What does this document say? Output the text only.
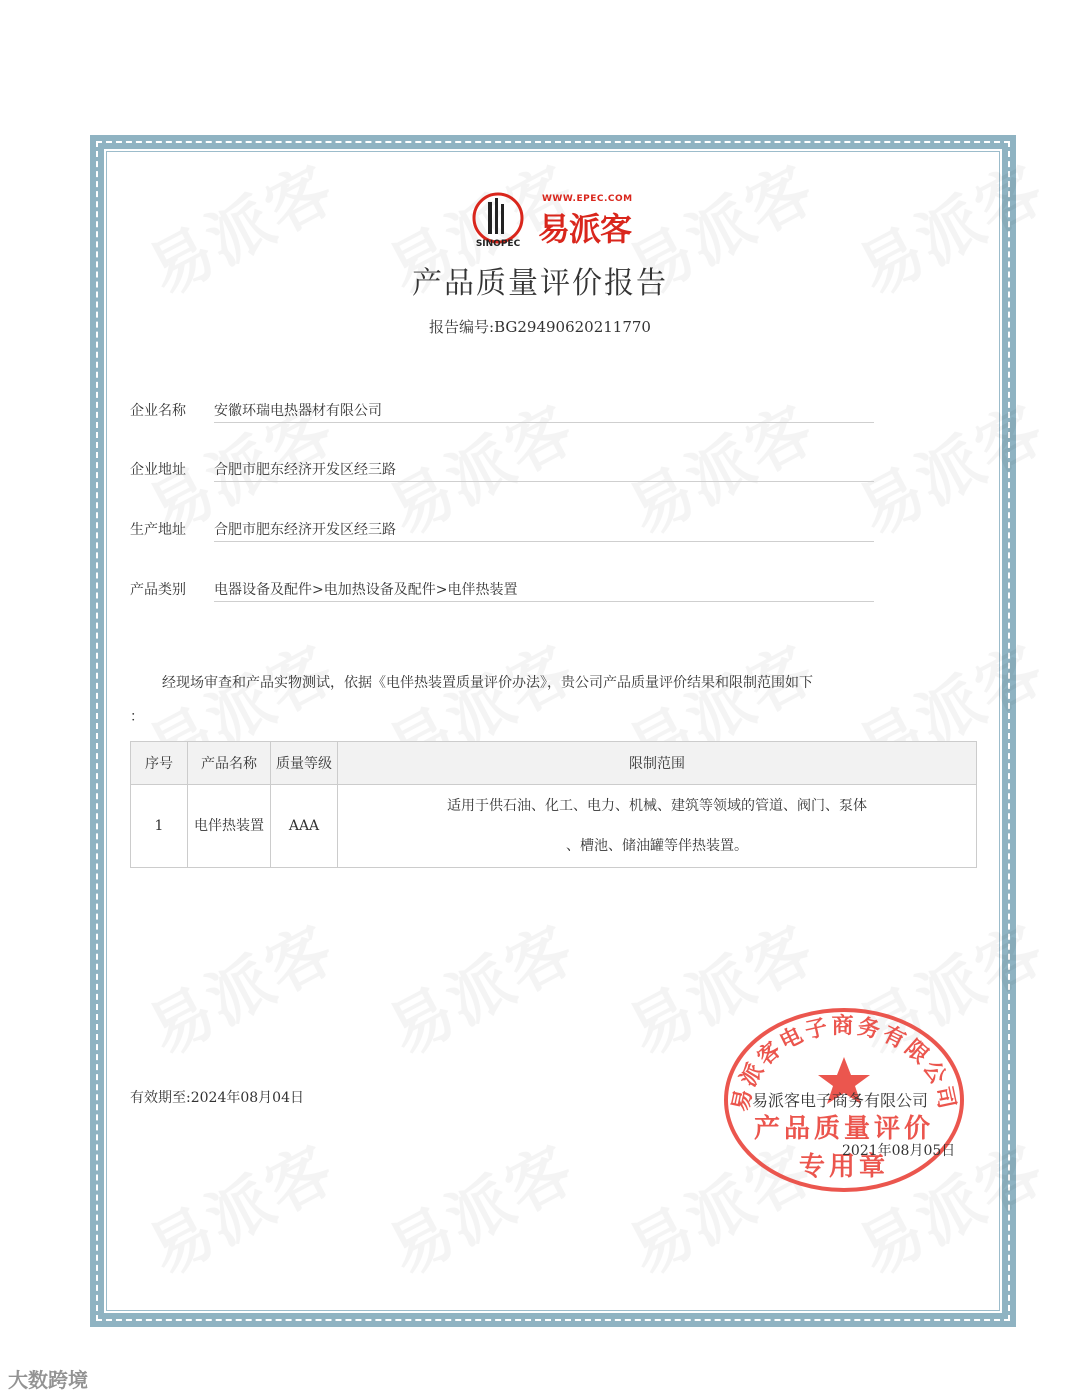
SINOPEC
WWW.EPEC.COM
易派客
产品质量评价报告
报告编号:BG29490620211770
企业名称 安徽环瑞电热器材有限公司
企业地址 合肥市肥东经济开发区经三路
生产地址 合肥市肥东经济开发区经三路
产品类别 电器设备及配件>电加热设备及配件>电伴热装置
经现场审查和产品实物测试，依据《电伴热装置质量评价办法》，贵公司产品质量评价结果和限制范围如下
：
序号	产品名称	质量等级	限制范围
1	电伴热装置	AAA	适用于供石油、化工、电力、机械、建筑等领域的管道、阀门、泵体
、槽池、储油罐等伴热装置。
有效期至:2024年08月04日	易派客电子商务有限公司
产品质量评价
专用章
易派客电子商务有限公司
2021年08月05日
大数跨境
